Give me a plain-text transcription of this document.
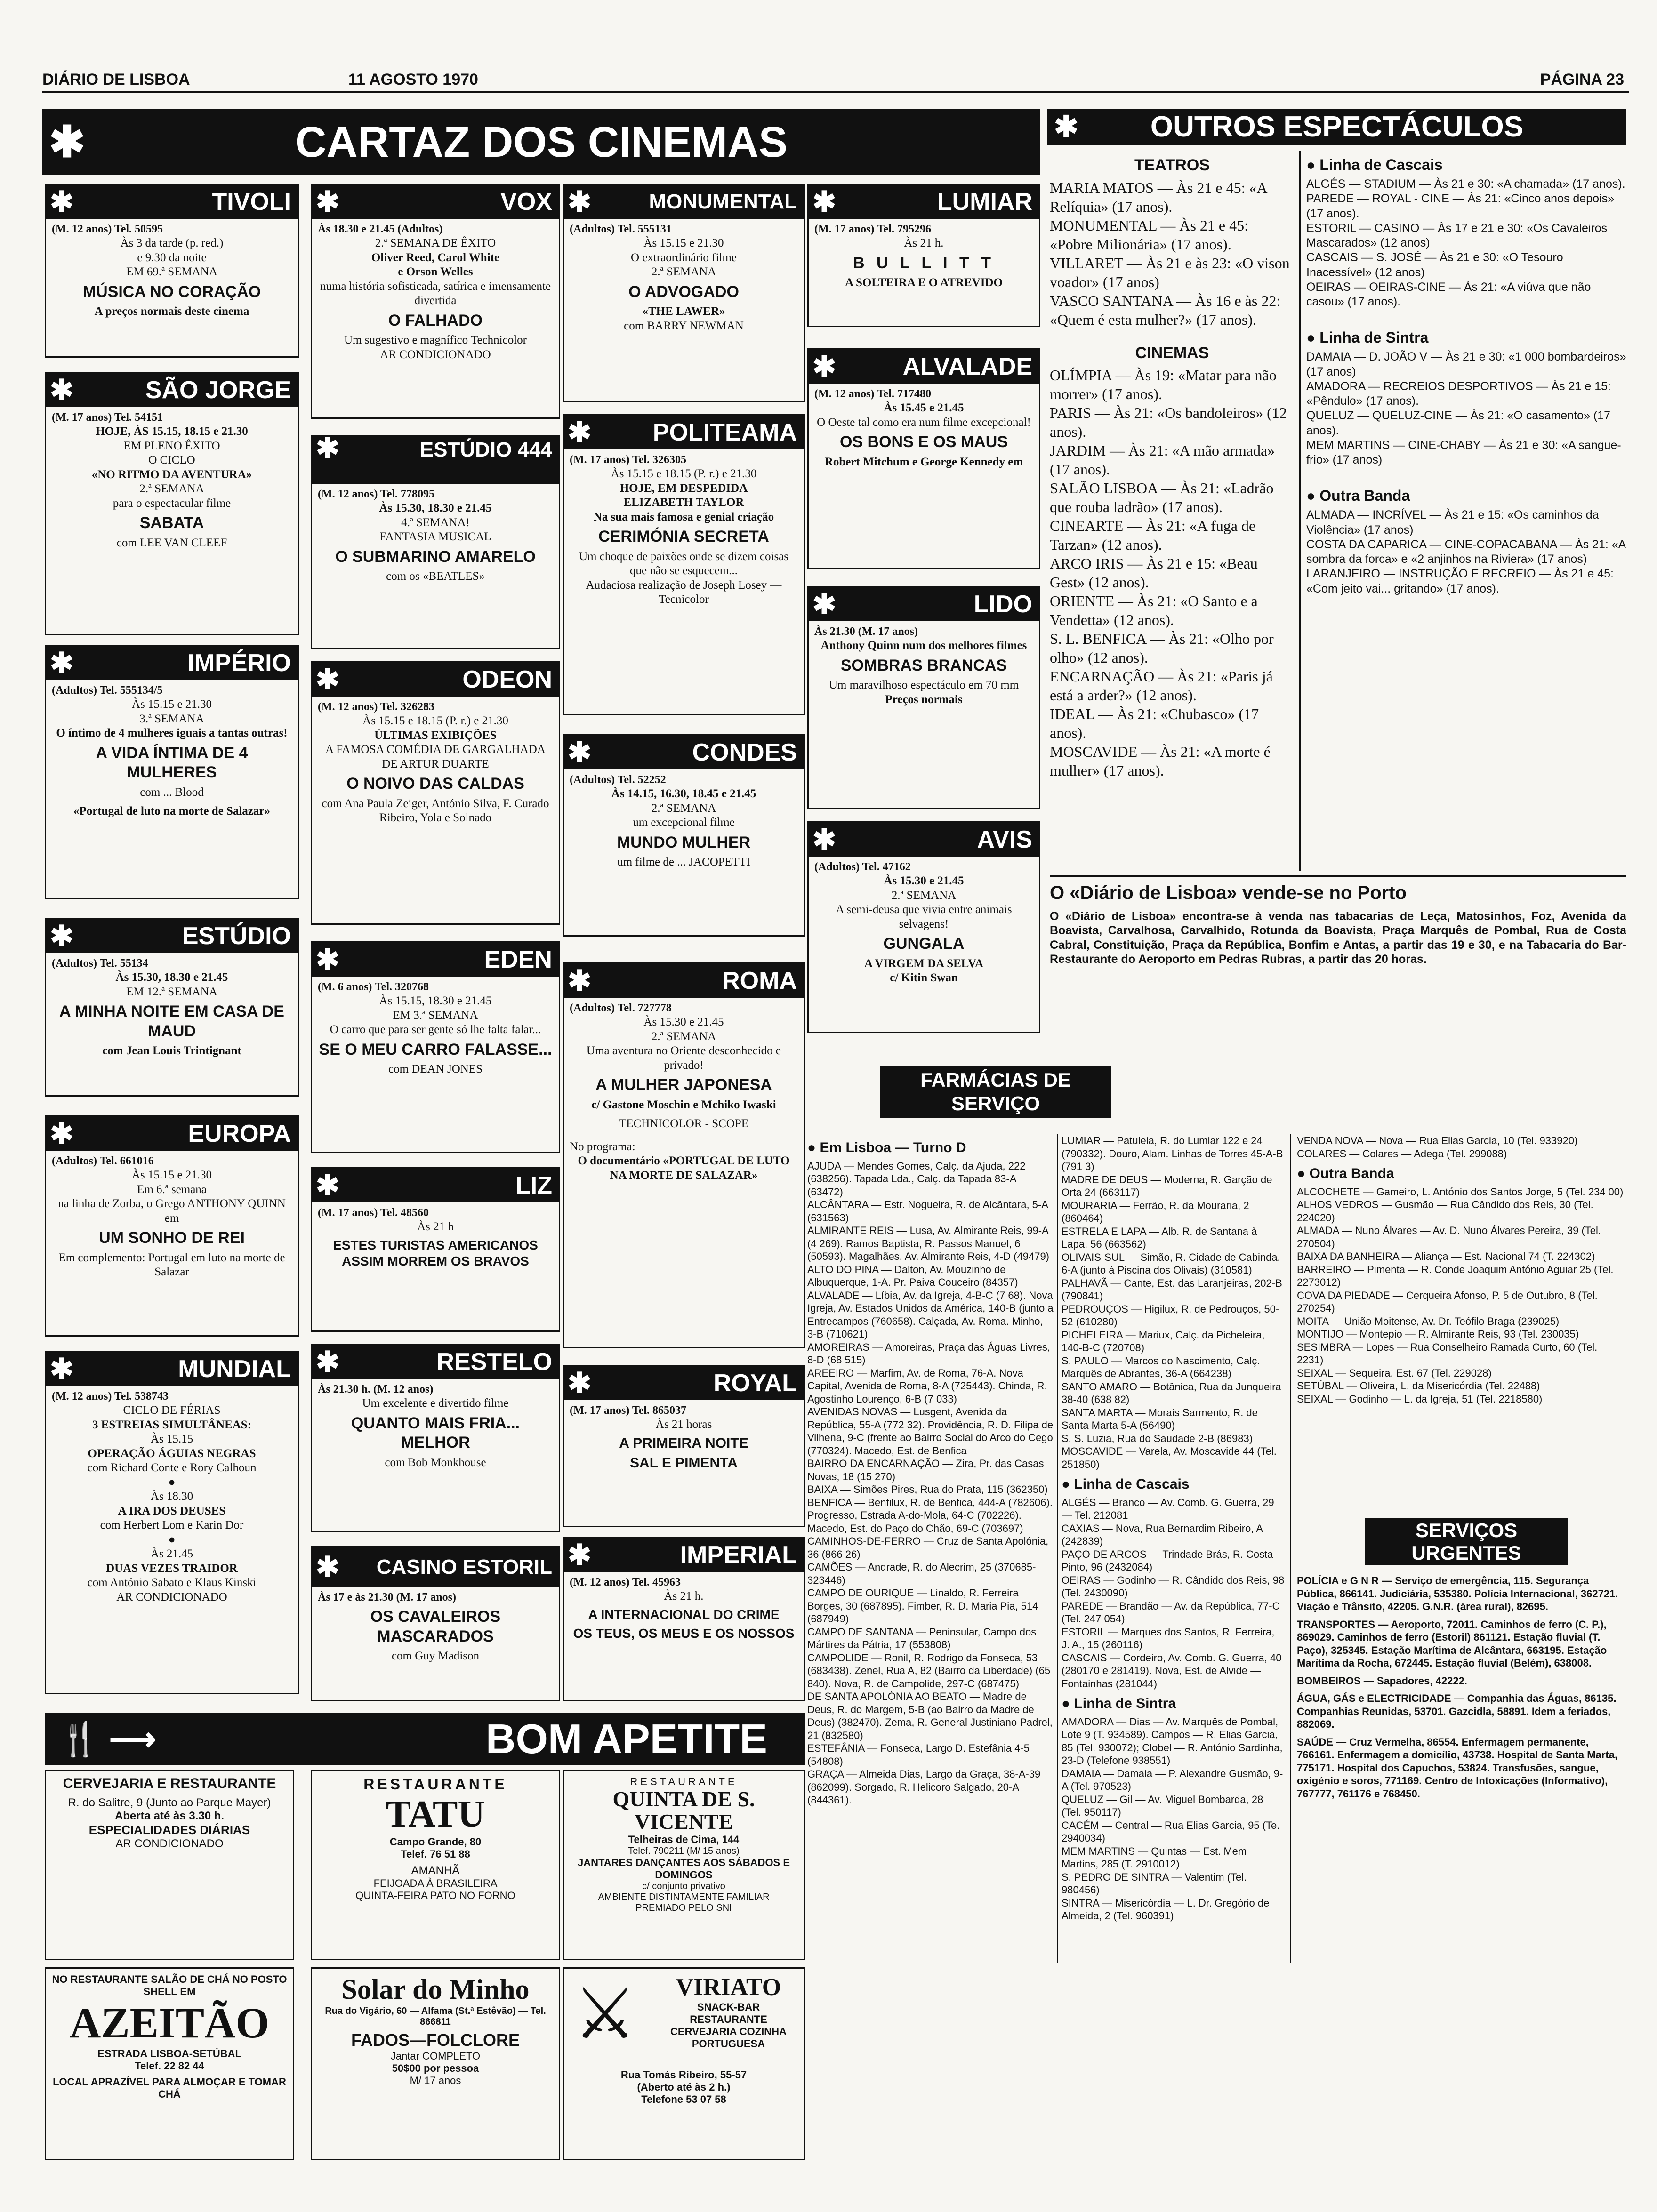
DIÁRIO DE LISBOA	11 AGOSTO 1970	PÁGINA 23
✱	CARTAZ DOS CINEMAS	✱ OUTROS ESPECTÁCULOS
✱	TIVOLI
(M. 12 anos) Tel. 50595
Às 3 da tarde (p. red.)
e 9.30 da noite
EM 69.ª SEMANA
MÚSICA NO CORAÇÃO
A preços normais deste cinema
✱	SÃO JORGE
(M. 17 anos) Tel. 54151
HOJE, ÀS 15.15, 18.15 e 21.30
EM PLENO ÊXITO
O CICLO
«NO RITMO DA AVENTURA»
2.ª SEMANA
para o espectacular filme
SABATA
com LEE VAN CLEEF
✱	IMPÉRIO
(Adultos) Tel. 555134/5
Às 15.15 e 21.30
3.ª SEMANA
O íntimo de 4 mulheres iguais a tantas outras!
A VIDA ÍNTIMA DE 4 MULHERES
com ... Blood
«Portugal de luto na morte de Salazar»
✱	ESTÚDIO
(Adultos) Tel. 55134
Às 15.30, 18.30 e 21.45
EM 12.ª SEMANA
A MINHA NOITE EM CASA DE MAUD
com Jean Louis Trintignant
✱	EUROPA
(Adultos) Tel. 661016
Às 15.15 e 21.30
Em 6.ª semana
na linha de Zorba, o Grego ANTHONY QUINN em
UM SONHO DE REI
Em complemento: Portugal em luto na morte de Salazar
✱	MUNDIAL
(M. 12 anos) Tel. 538743
CICLO DE FÉRIAS
3 ESTREIAS SIMULTÂNEAS:
Às 15.15
OPERAÇÃO ÁGUIAS NEGRAS
com Richard Conte e Rory Calhoun
●
Às 18.30
A IRA DOS DEUSES
com Herbert Lom e Karin Dor
●
Às 21.45
DUAS VEZES TRAIDOR
com António Sabato e Klaus Kinski
AR CONDICIONADO
✱	VOX
Às 18.30 e 21.45 (Adultos)
2.ª SEMANA DE ÊXITO
Oliver Reed, Carol White
e Orson Welles
numa história sofisticada, satírica e imensamente divertida
O FALHADO
Um sugestivo e magnífico Technicolor
AR CONDICIONADO
✱	ESTÚDIO 444
(M. 12 anos) Tel. 778095
Às 15.30, 18.30 e 21.45
4.ª SEMANA!
FANTASIA MUSICAL
O SUBMARINO AMARELO
com os «BEATLES»
✱	ODEON
(M. 12 anos) Tel. 326283
Às 15.15 e 18.15 (P. r.) e 21.30
ÚLTIMAS EXIBIÇÕES
A FAMOSA COMÉDIA DE GARGALHADA DE ARTUR DUARTE
O NOIVO DAS CALDAS
com Ana Paula Zeiger, António Silva, F. Curado Ribeiro, Yola e Solnado
✱	EDEN
(M. 6 anos) Tel. 320768
Às 15.15, 18.30 e 21.45
EM 3.ª SEMANA
O carro que para ser gente só lhe falta falar...
SE O MEU CARRO FALASSE...
com DEAN JONES
✱	LIZ
(M. 17 anos) Tel. 48560
Às 21 h
ESTES TURISTAS AMERICANOS ASSIM MORREM OS BRAVOS
✱	RESTELO
Às 21.30 h. (M. 12 anos)
Um excelente e divertido filme
QUANTO MAIS FRIA... MELHOR
com Bob Monkhouse
✱ CASINO ESTORIL
Às 17 e às 21.30 (M. 17 anos)
OS CAVALEIROS MASCARADOS
com Guy Madison
✱	MONUMENTAL
(Adultos) Tel. 555131
Às 15.15 e 21.30
O extraordinário filme
2.ª SEMANA
O ADVOGADO
«THE LAWER»
com BARRY NEWMAN
✱	POLITEAMA
(M. 17 anos) Tel. 326305
Às 15.15 e 18.15 (P. r.) e 21.30
HOJE, EM DESPEDIDA
ELIZABETH TAYLOR
Na sua mais famosa e genial criação
CERIMÓNIA SECRETA
Um choque de paixões onde se dizem coisas que não se esquecem...
Audaciosa realização de Joseph Losey — Tecnicolor
✱	CONDES
(Adultos) Tel. 52252
Às 14.15, 16.30, 18.45 e 21.45
2.ª SEMANA
um excepcional filme
MUNDO MULHER
um filme de ... JACOPETTI
✱	ROMA
(Adultos) Tel. 727778
Às 15.30 e 21.45
2.ª SEMANA
Uma aventura no Oriente desconhecido e privado!
A MULHER JAPONESA
c/ Gastone Moschin e Mchiko Iwaski
TECHNICOLOR - SCOPE
No programa:
O documentário «PORTUGAL DE LUTO NA MORTE DE SALAZAR»
✱	ROYAL
(M. 17 anos) Tel. 865037
Às 21 horas
A PRIMEIRA NOITE
SAL E PIMENTA
✱	IMPERIAL
(M. 12 anos) Tel. 45963
Às 21 h.
A INTERNACIONAL DO CRIME
OS TEUS, OS MEUS E OS NOSSOS
✱	LUMIAR
(M. 17 anos) Tel. 795296
Às 21 h.
B U L L I T T
A SOLTEIRA E O ATREVIDO
✱	ALVALADE
(M. 12 anos) Tel. 717480
Às 15.45 e 21.45
O Oeste tal como era num filme excepcional!
OS BONS E OS MAUS
Robert Mitchum e George Kennedy em
✱	LIDO
Às 21.30 (M. 17 anos)
Anthony Quinn num dos melhores filmes
SOMBRAS BRANCAS
Um maravilhoso espectáculo em 70 mm
Preços normais
✱	AVIS
(Adultos) Tel. 47162
Às 15.30 e 21.45
2.ª SEMANA
A semi-deusa que vivia entre animais selvagens!
GUNGALA
A VIRGEM DA SELVA
c/ Kitin Swan
TEATROS
MARIA MATOS — Às 21 e 45: «A Relíquia» (17 anos).
MONUMENTAL — Às 21 e 45: «Pobre Milionária» (17 anos).
VILLARET — Às 21 e às 23: «O vison voador» (17 anos)
VASCO SANTANA — Às 16 e às 22: «Quem é esta mulher?» (17 anos).
CINEMAS
OLÍMPIA — Às 19: «Matar para não morrer» (17 anos).
PARIS — Às 21: «Os bandoleiros» (12 anos).
JARDIM — Às 21: «A mão armada» (17 anos).
SALÃO LISBOA — Às 21: «Ladrão que rouba ladrão» (17 anos).
CINEARTE — Às 21: «A fuga de Tarzan» (12 anos).
ARCO IRIS — Às 21 e 15: «Beau Gest» (12 anos).
ORIENTE — Às 21: «O Santo e a Vendetta» (12 anos).
S. L. BENFICA — Às 21: «Olho por olho» (12 anos).
ENCARNAÇÃO — Às 21: «Paris já está a arder?» (12 anos).
IDEAL — Às 21: «Chubasco» (17 anos).
MOSCAVIDE — Às 21: «A morte é mulher» (17 anos).
● Linha de Cascais
ALGÉS — STADIUM — Às 21 e 30: «A chamada» (17 anos).
PAREDE — ROYAL - CINE — Às 21: «Cinco anos depois» (17 anos).
ESTORIL — CASINO — Às 17 e 21 e 30: «Os Cavaleiros Mascarados» (12 anos)
CASCAIS — S. JOSÉ — Às 21 e 30: «O Tesouro Inacessível» (12 anos)
OEIRAS — OEIRAS-CINE — Às 21: «A viúva que não casou» (17 anos).
● Linha de Sintra
DAMAIA — D. JOÃO V — Às 21 e 30: «1 000 bombardeiros» (17 anos)
AMADORA — RECREIOS DESPORTIVOS — Às 21 e 15: «Pêndulo» (17 anos).
QUELUZ — QUELUZ-CINE — Às 21: «O casamento» (17 anos).
MEM MARTINS — CINE-CHABY — Às 21 e 30: «A sangue-frio» (17 anos)
● Outra Banda
ALMADA — INCRÍVEL — Às 21 e 15: «Os caminhos da Violência» (17 anos)
COSTA DA CAPARICA — CINE-COPACABANA — Às 21: «A sombra da forca» e «2 anjinhos na Riviera» (17 anos)
LARANJEIRO — INSTRUÇÃO E RECREIO — Às 21 e 45: «Com jeito vai... gritando» (17 anos).
O «Diário de Lisboa» vende-se no Porto
O «Diário de Lisboa» encontra-se à venda nas tabacarias de Leça, Matosinhos, Foz, Avenida da Boavista, Carvalhosa, Carvalhido, Rotunda da Boavista, Praça Marquês de Pombal, Rua de Costa Cabral, Constituição, Praça da República, Bonfim e Antas, a partir das 19 e 30, e na Tabacaria do Bar-Restaurante do Aeroporto em Pedras Rubras, a partir das 20 horas.
FARMÁCIAS DE SERVIÇO
● Em Lisboa — Turno D
AJUDA — Mendes Gomes, Calç. da Ajuda, 222 (638256). Tapada Lda., Calç. da Tapada 83-A (63472)
ALCÂNTARA — Estr. Nogueira, R. de Alcântara, 5-A (631563)
ALMIRANTE REIS — Lusa, Av. Almirante Reis, 99-A (4 269). Ramos Baptista, R. Passos Manuel, 6 (50593). Magalhães, Av. Almirante Reis, 4-D (49479)
ALTO DO PINA — Dalton, Av. Mouzinho de Albuquerque, 1-A. Pr. Paiva Couceiro (84357)
ALVALADE — Líbia, Av. da Igreja, 4-B-C (7 68). Nova Igreja, Av. Estados Unidos da América, 140-B (junto a Entrecampos (760658). Calçada, Av. Roma. Minho, 3-B (710621)
AMOREIRAS — Amoreiras, Praça das Águas Livres, 8-D (68 515)
AREEIRO — Marfim, Av. de Roma, 76-A. Nova Capital, Avenida de Roma, 8-A (725443). Chinda, R. Agostinho Lourenço, 6-B (7 033)
AVENIDAS NOVAS — Lusgent, Avenida da República, 55-A (772 32). Providência, R. D. Filipa de Vilhena, 9-C (frente ao Bairro Social do Arco do Cego (770324). Macedo, Est. de Benfica
BAIRRO DA ENCARNAÇÃO — Zira, Pr. das Casas Novas, 18 (15 270)
BAIXA — Simões Pires, Rua do Prata, 115 (362350)
BENFICA — Benfilux, R. de Benfica, 444-A (782606). Progresso, Estrada A-do-Mola, 64-C (702226). Macedo, Est. do Paço do Chão, 69-C (703697)
CAMINHOS-DE-FERRO — Cruz de Santa Apolónia, 36 (866 26)
CAMÕES — Andrade, R. do Alecrim, 25 (370685-323446)
CAMPO DE OURIQUE — Linaldo, R. Ferreira Borges, 30 (687895). Fimber, R. D. Maria Pia, 514 (687949)
CAMPO DE SANTANA — Peninsular, Campo dos Mártires da Pátria, 17 (553808)
CAMPOLIDE — Ronil, R. Rodrigo da Fonseca, 53 (683438). Zenel, Rua A, 82 (Bairro da Liberdade) (65 840). Nova, R. de Campolide, 297-C (687475)
DE SANTA APOLÓNIA AO BEATO — Madre de Deus, R. do Margem, 5-B (ao Bairro da Madre de Deus) (382470). Zema, R. General Justiniano Padrel, 21 (832580)
ESTEFÂNIA — Fonseca, Largo D. Estefânia 4-5 (54808)
GRAÇA — Almeida Dias, Largo da Graça, 38-A-39 (862099). Sorgado, R. Helicoro Salgado, 20-A (844361).
LUMIAR — Patuleia, R. do Lumiar 122 e 24 (790332). Douro, Alam. Linhas de Torres 45-A-B (791 3)
MADRE DE DEUS — Moderna, R. Garção de Orta 24 (663117)
MOURARIA — Ferrão, R. da Mouraria, 2 (860464)
ESTRELA E LAPA — Alb. R. de Santana à Lapa, 56 (663562)
OLIVAIS-SUL — Simão, R. Cidade de Cabinda, 6-A (junto à Piscina dos Olivais) (310581)
PALHAVÃ — Cante, Est. das Laranjeiras, 202-B (790841)
PEDROUÇOS — Higilux, R. de Pedrouços, 50-52 (610280)
PICHELEIRA — Mariux, Calç. da Picheleira, 140-B-C (720708)
S. PAULO — Marcos do Nascimento, Calç. Marquês de Abrantes, 36-A (664238)
SANTO AMARO — Botânica, Rua da Junqueira 38-40 (638 82)
SANTA MARTA — Morais Sarmento, R. de Santa Marta 5-A (56490)
S. S. Luzia, Rua do Saudade 2-B (86983)
MOSCAVIDE — Varela, Av. Moscavide 44 (Tel. 251850)
● Linha de Cascais
ALGÉS — Branco — Av. Comb. G. Guerra, 29 — Tel. 212081
CAXIAS — Nova, Rua Bernardim Ribeiro, A (242839)
PAÇO DE ARCOS — Trindade Brás, R. Costa Pinto, 96 (2432084)
OEIRAS — Godinho — R. Cândido dos Reis, 98 (Tel. 2430090)
PAREDE — Brandão — Av. da República, 77-C (Tel. 247 054)
ESTORIL — Marques dos Santos, R. Ferreira, J. A., 15 (260116)
CASCAIS — Cordeiro, Av. Comb. G. Guerra, 40 (280170 e 281419). Nova, Est. de Alvide — Fontainhas (281044)
● Linha de Sintra
AMADORA — Dias — Av. Marquês de Pombal, Lote 9 (T. 934589). Campos — R. Elias Garcia, 85 (Tel. 930072); Clobel — R. António Sardinha, 23-D (Telefone 938551)
DAMAIA — Damaia — P. Alexandre Gusmão, 9-A (Tel. 970523)
QUELUZ — Gil — Av. Miguel Bombarda, 28 (Tel. 950117)
CACÉM — Central — Rua Elias Garcia, 95 (Te. 2940034)
MEM MARTINS — Quintas — Est. Mem Martins, 285 (T. 2910012)
S. PEDRO DE SINTRA — Valentim (Tel. 980456)
SINTRA — Misericórdia — L. Dr. Gregório de Almeida, 2 (Tel. 960391)
VENDA NOVA — Nova — Rua Elias Garcia, 10 (Tel. 933920)
COLARES — Colares — Adega (Tel. 299088)
● Outra Banda
ALCOCHETE — Gameiro, L. António dos Santos Jorge, 5 (Tel. 234 00)
ALHOS VEDROS — Gusmão — Rua Cândido dos Reis, 30 (Tel. 224020)
ALMADA — Nuno Álvares — Av. D. Nuno Álvares Pereira, 39 (Tel. 270504)
BAIXA DA BANHEIRA — Aliança — Est. Nacional 74 (T. 224302)
BARREIRO — Pimenta — R. Conde Joaquim António Aguiar 25 (Tel. 2273012)
COVA DA PIEDADE — Cerqueira Afonso, P. 5 de Outubro, 8 (Tel. 270254)
MOITA — União Moitense, Av. Dr. Teófilo Braga (239025)
MONTIJO — Montepio — R. Almirante Reis, 93 (Tel. 230035)
SESIMBRA — Lopes — Rua Conselheiro Ramada Curto, 60 (Tel. 2231)
SEIXAL — Sequeira, Est. 67 (Tel. 229028)
SETÚBAL — Oliveira, L. da Misericórdia (Tel. 22488)
SEIXAL — Godinho — L. da Igreja, 51 (Tel. 2218580)
SERVIÇOS URGENTES
POLÍCIA e G N R — Serviço de emergência, 115. Segurança Pública, 866141. Judiciária, 535380. Polícia Internacional, 362721. Viação e Trânsito, 42205. G.N.R. (área rural), 82695.
TRANSPORTES — Aeroporto, 72011. Caminhos de ferro (C. P.), 869029. Caminhos de ferro (Estoril) 861121. Estação fluvial (T. Paço), 325345. Estação Marítima de Alcântara, 663195. Estação Marítima da Rocha, 672445. Estação fluvial (Belém), 638008.
BOMBEIROS — Sapadores, 42222.
ÁGUA, GÁS e ELECTRICIDADE — Companhia das Águas, 86135. Companhias Reunidas, 53701. Gazcidla, 58891. Idem a feriados, 882069.
SAÚDE — Cruz Vermelha, 86554. Enfermagem permanente, 766161. Enfermagem a domicílio, 43738. Hospital de Santa Marta, 775171. Hospital dos Capuchos, 53824. Transfusões, sangue, oxigénio e soros, 771169. Centro de Intoxicações (Informativo), 767777, 761176 e 768450.
🍴 ⟶	BOM APETITE
CERVEJARIA E RESTAURANTE
R. do Salitre, 9 (Junto ao Parque Mayer)
Aberta até às 3.30 h.
ESPECIALIDADES DIÁRIAS
AR CONDICIONADO
RESTAURANTE
TATU
Campo Grande, 80
Telef. 76 51 88
AMANHÃ
FEIJOADA À BRASILEIRA
QUINTA-FEIRA PATO NO FORNO
RESTAURANTE
QUINTA DE S. VICENTE
Telheiras de Cima, 144
Telef. 790211 (M/ 15 anos)
JANTARES DANÇANTES AOS SÁBADOS E DOMINGOS
c/ conjunto privativo
AMBIENTE DISTINTAMENTE FAMILIAR
PREMIADO PELO SNI
NO RESTAURANTE SALÃO DE CHÁ NO POSTO SHELL EM
AZEITÃO
ESTRADA LISBOA-SETÚBAL
Telef. 22 82 44
LOCAL APRAZÍVEL PARA ALMOÇAR E TOMAR CHÁ
Solar do Minho
Rua do Vigário, 60 — Alfama (St.ª Estêvão) — Tel. 866811
FADOS—FOLCLORE
Jantar COMPLETO
50$00 por pessoa
M/ 17 anos
⚔	VIRIATO
SNACK-BAR RESTAURANTE CERVEJARIA COZINHA PORTUGUESA
Rua Tomás Ribeiro, 55-57
(Aberto até às 2 h.)
Telefone 53 07 58
